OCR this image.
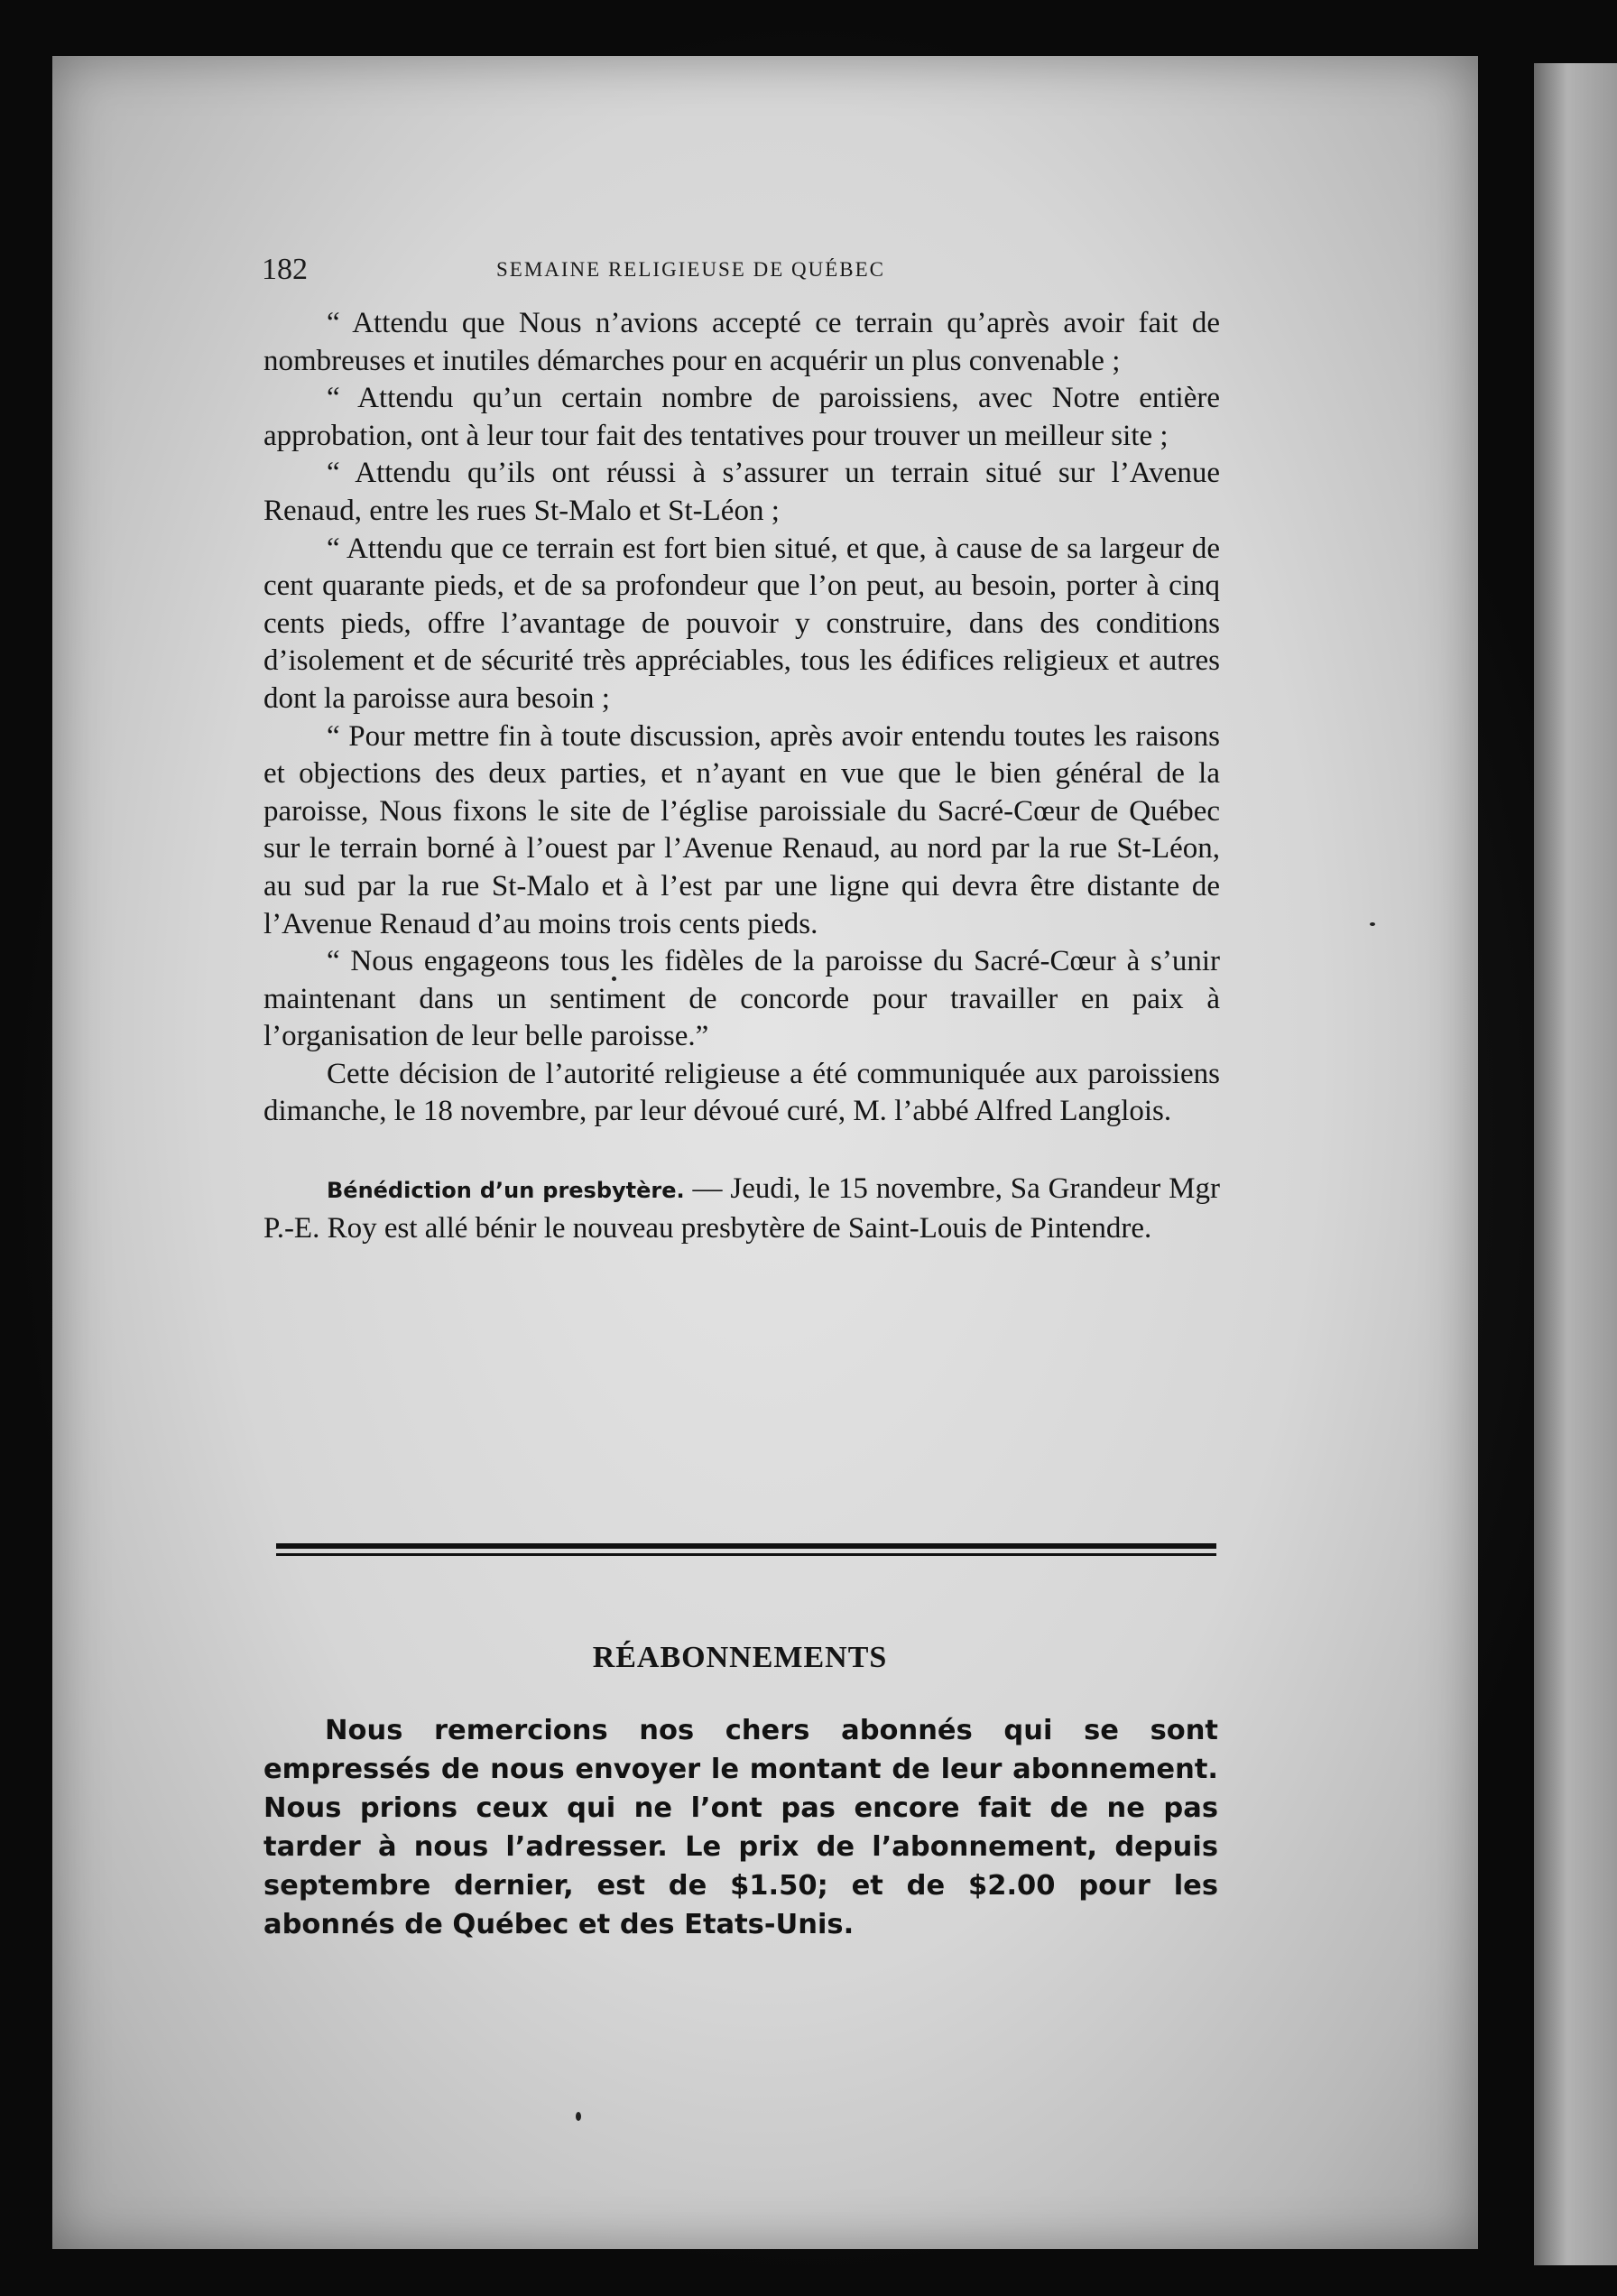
182	SEMAINE RELIGIEUSE DE QUÉBEC

“ Attendu que Nous n’avions accepté ce terrain qu’après avoir fait de nombreuses et inutiles démarches pour en acquérir un plus convenable ;

“ Attendu qu’un certain nombre de paroissiens, avec Notre entière approbation, ont à leur tour fait des tentatives pour trouver un meilleur site ;

“ Attendu qu’ils ont réussi à s’assurer un terrain situé sur l’Avenue Renaud, entre les rues St-Malo et St-Léon ;

“ Attendu que ce terrain est fort bien situé, et que, à cause de sa largeur de cent quarante pieds, et de sa profondeur que l’on peut, au besoin, porter à cinq cents pieds, offre l’avantage de pouvoir y construire, dans des conditions d’isolement et de sécurité très appréciables, tous les édifices religieux et autres dont la paroisse aura besoin ;

“ Pour mettre fin à toute discussion, après avoir entendu toutes les raisons et objections des deux parties, et n’ayant en vue que le bien général de la paroisse, Nous fixons le site de l’église paroissiale du Sacré-Cœur de Québec sur le terrain borné à l’ouest par l’Avenue Renaud, au nord par la rue St-Léon, au sud par la rue St-Malo et à l’est par une ligne qui devra être distante de l’Avenue Renaud d’au moins trois cents pieds.

“ Nous engageons tous les fidèles de la paroisse du Sacré-Cœur à s’unir maintenant dans un sentiment de concorde pour travailler en paix à l’organisation de leur belle paroisse.”

Cette décision de l’autorité religieuse a été communiquée aux paroissiens dimanche, le 18 novembre, par leur dévoué curé, M. l’abbé Alfred Langlois.

Bénédiction d’un presbytère. — Jeudi, le 15 novembre, Sa Grandeur Mgr P.-E. Roy est allé bénir le nouveau presbytère de Saint-Louis de Pintendre.

RÉABONNEMENTS

Nous remercions nos chers abonnés qui se sont empressés de nous envoyer le montant de leur abonnement. Nous prions ceux qui ne l’ont pas encore fait de ne pas tarder à nous l’adresser. Le prix de l’abonnement, depuis septembre dernier, est de $1.50; et de $2.00 pour les abonnés de Québec et des Etats-Unis.
